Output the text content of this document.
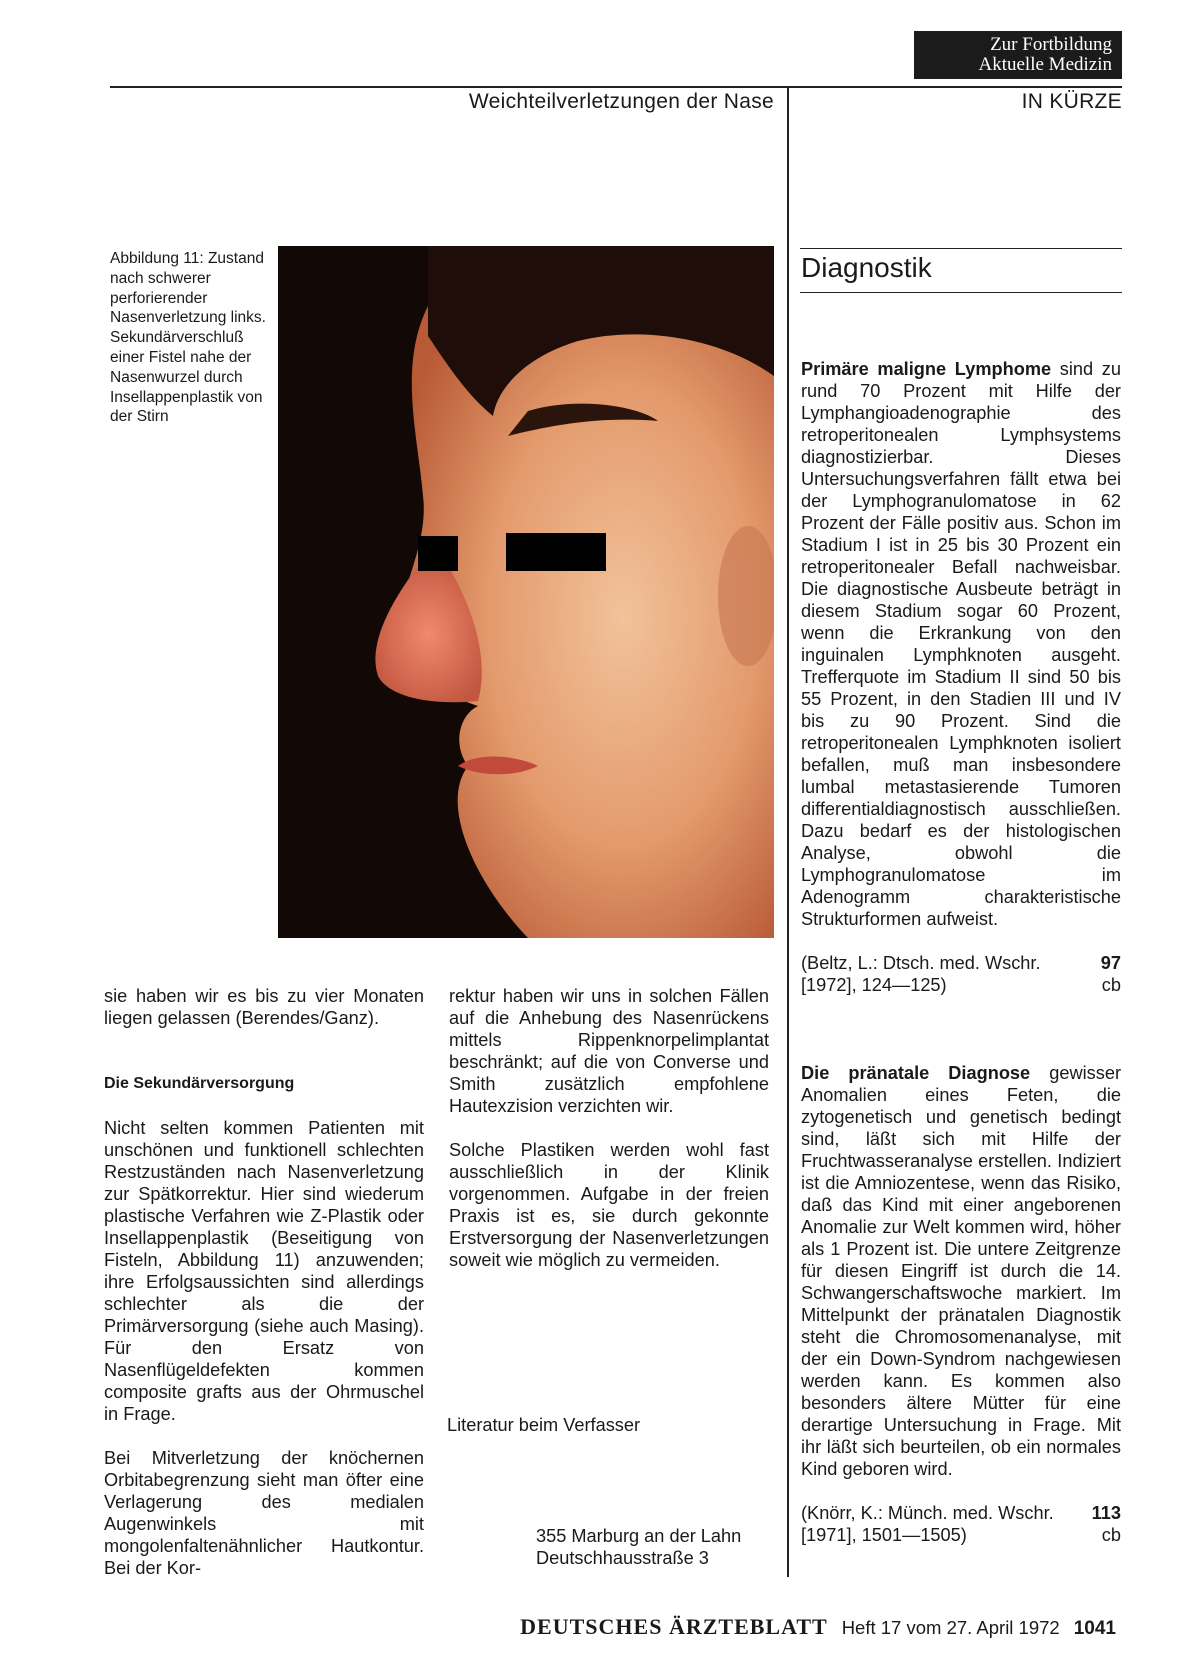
Zur Fortbildung
Aktuelle Medizin
Weichteilverletzungen der Nase	IN KÜRZE
Abbildung 11: Zustand nach schwerer perforierender Nasenverletzung links. Sekundärverschluß einer Fistel nahe der Nasenwurzel durch Insellappenplastik von der Stirn

sie haben wir es bis zu vier Monaten liegen gelassen (Berendes/Ganz).

Die Sekundärversorgung

Nicht selten kommen Patienten mit unschönen und funktionell schlechten Restzuständen nach Nasenverletzung zur Spätkorrektur. Hier sind wiederum plastische Verfahren wie Z-Plastik oder Insellappenplastik (Beseitigung von Fisteln, Abbildung 11) anzuwenden; ihre Erfolgsaussichten sind allerdings schlechter als die der Primärversorgung (siehe auch Masing). Für den Ersatz von Nasenflügeldefekten kommen composite grafts aus der Ohrmuschel in Frage.

Bei Mitverletzung der knöchernen Orbitabegrenzung sieht man öfter eine Verlagerung des medialen Augenwinkels mit mongolenfaltenähnlicher Hautkontur. Bei der Kor-

rektur haben wir uns in solchen Fällen auf die Anhebung des Nasenrückens mittels Rippenknorpelimplantat beschränkt; auf die von Converse und Smith zusätzlich empfohlene Hautexzision verzichten wir.

Solche Plastiken werden wohl fast ausschließlich in der Klinik vorgenommen. Aufgabe in der freien Praxis ist es, sie durch gekonnte Erstversorgung der Nasenverletzungen soweit wie möglich zu vermeiden.

Literatur beim Verfasser
355 Marburg an der Lahn
Deutschhausstraße 3
Diagnostik

Primäre maligne Lymphome sind zu rund 70 Prozent mit Hilfe der Lymphangioadenographie des retroperitonealen Lymphsystems diagnostizierbar. Dieses Untersuchungsverfahren fällt etwa bei der Lymphogranulomatose in 62 Prozent der Fälle positiv aus. Schon im Stadium I ist in 25 bis 30 Prozent ein retroperitonealer Befall nachweisbar. Die diagnostische Ausbeute beträgt in diesem Stadium sogar 60 Prozent, wenn die Erkrankung von den inguinalen Lymphknoten ausgeht. Trefferquote im Stadium II sind 50 bis 55 Prozent, in den Stadien III und IV bis zu 90 Prozent. Sind die retroperitonealen Lymphknoten isoliert befallen, muß man insbesondere lumbal metastasierende Tumoren differentialdiagnostisch ausschließen. Dazu bedarf es der histologischen Analyse, obwohl die Lymphogranulomatose im Adenogramm charakteristische Strukturformen aufweist.

(Beltz, L.: Dtsch. med. Wschr.	97
[1972], 124—125)	cb

Die pränatale Diagnose gewisser Anomalien eines Feten, die zytogenetisch und genetisch bedingt sind, läßt sich mit Hilfe der Fruchtwasseranalyse erstellen. Indiziert ist die Amniozentese, wenn das Risiko, daß das Kind mit einer angeborenen Anomalie zur Welt kommen wird, höher als 1 Prozent ist. Die untere Zeitgrenze für diesen Eingriff ist durch die 14. Schwangerschaftswoche markiert. Im Mittelpunkt der pränatalen Diagnostik steht die Chromosomenanalyse, mit der ein Down-Syndrom nachgewiesen werden kann. Es kommen also besonders ältere Mütter für eine derartige Untersuchung in Frage. Mit ihr läßt sich beurteilen, ob ein normales Kind geboren wird.

(Knörr, K.: Münch. med. Wschr. 113
[1971], 1501—1505)	cb
DEUTSCHES ÄRZTEBLATT Heft 17 vom 27. April 1972 1041
